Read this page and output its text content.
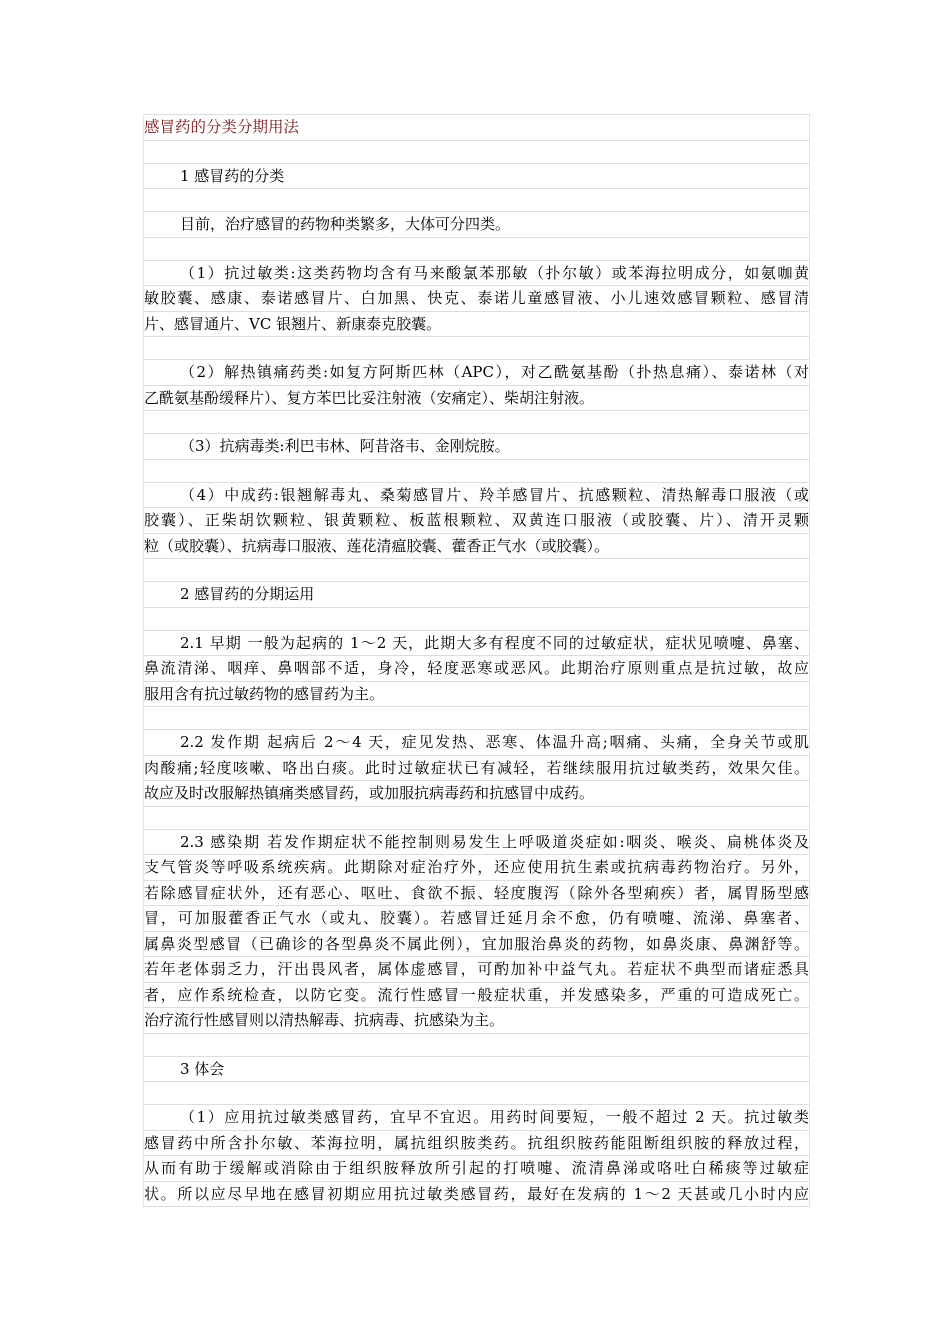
感冒药的分类分期用法
1 感冒药的分类
目前，治疗感冒的药物种类繁多，大体可分四类。
（1）抗过敏类:这类药物均含有马来酸氯苯那敏（扑尔敏）或苯海拉明成分，如氨咖黄
敏胶囊、感康、泰诺感冒片、白加黑、快克、泰诺儿童感冒液、小儿速效感冒颗粒、感冒清
片、感冒通片、VC 银翘片、新康泰克胶囊。
（2）解热镇痛药类:如复方阿斯匹林（APC），对乙酰氨基酚（扑热息痛）、泰诺林（对
乙酰氨基酚缓释片）、复方苯巴比妥注射液（安痛定）、柴胡注射液。
（3）抗病毒类:利巴韦林、阿昔洛韦、金刚烷胺。
（4）中成药:银翘解毒丸、桑菊感冒片、羚羊感冒片、抗感颗粒、清热解毒口服液（或
胶囊）、正柴胡饮颗粒、银黄颗粒、板蓝根颗粒、双黄连口服液（或胶囊、片）、清开灵颗
粒（或胶囊）、抗病毒口服液、莲花清瘟胶囊、藿香正气水（或胶囊）。
2 感冒药的分期运用
2.1 早期 一般为起病的 1～2 天，此期大多有程度不同的过敏症状，症状见喷嚏、鼻塞、
鼻流清涕、咽痒、鼻咽部不适，身冷，轻度恶寒或恶风。此期治疗原则重点是抗过敏，故应
服用含有抗过敏药物的感冒药为主。
2.2 发作期 起病后 2～4 天，症见发热、恶寒、体温升高;咽痛、头痛，全身关节或肌
肉酸痛;轻度咳嗽、咯出白痰。此时过敏症状已有减轻，若继续服用抗过敏类药，效果欠佳。
故应及时改服解热镇痛类感冒药，或加服抗病毒药和抗感冒中成药。
2.3 感染期 若发作期症状不能控制则易发生上呼吸道炎症如:咽炎、喉炎、扁桃体炎及
支气管炎等呼吸系统疾病。此期除对症治疗外，还应使用抗生素或抗病毒药物治疗。另外，
若除感冒症状外，还有恶心、呕吐、食欲不振、轻度腹泻（除外各型痢疾）者，属胃肠型感
冒，可加服藿香正气水（或丸、胶囊）。若感冒迁延月余不愈，仍有喷嚏、流涕、鼻塞者、
属鼻炎型感冒（已确诊的各型鼻炎不属此例），宜加服治鼻炎的药物，如鼻炎康、鼻渊舒等。
若年老体弱乏力，汗出畏风者，属体虚感冒，可酌加补中益气丸。若症状不典型而诸症悉具
者，应作系统检查，以防它变。流行性感冒一般症状重，并发感染多，严重的可造成死亡。
治疗流行性感冒则以清热解毒、抗病毒、抗感染为主。
3 体会
（1）应用抗过敏类感冒药，宜早不宜迟。用药时间要短，一般不超过 2 天。抗过敏类
感冒药中所含扑尔敏、苯海拉明，属抗组织胺类药。抗组织胺药能阻断组织胺的释放过程，
从而有助于缓解或消除由于组织胺释放所引起的打喷嚏、流清鼻涕或咯吐白稀痰等过敏症
状。所以应尽早地在感冒初期应用抗过敏类感冒药，最好在发病的 1～2 天甚或几小时内应
